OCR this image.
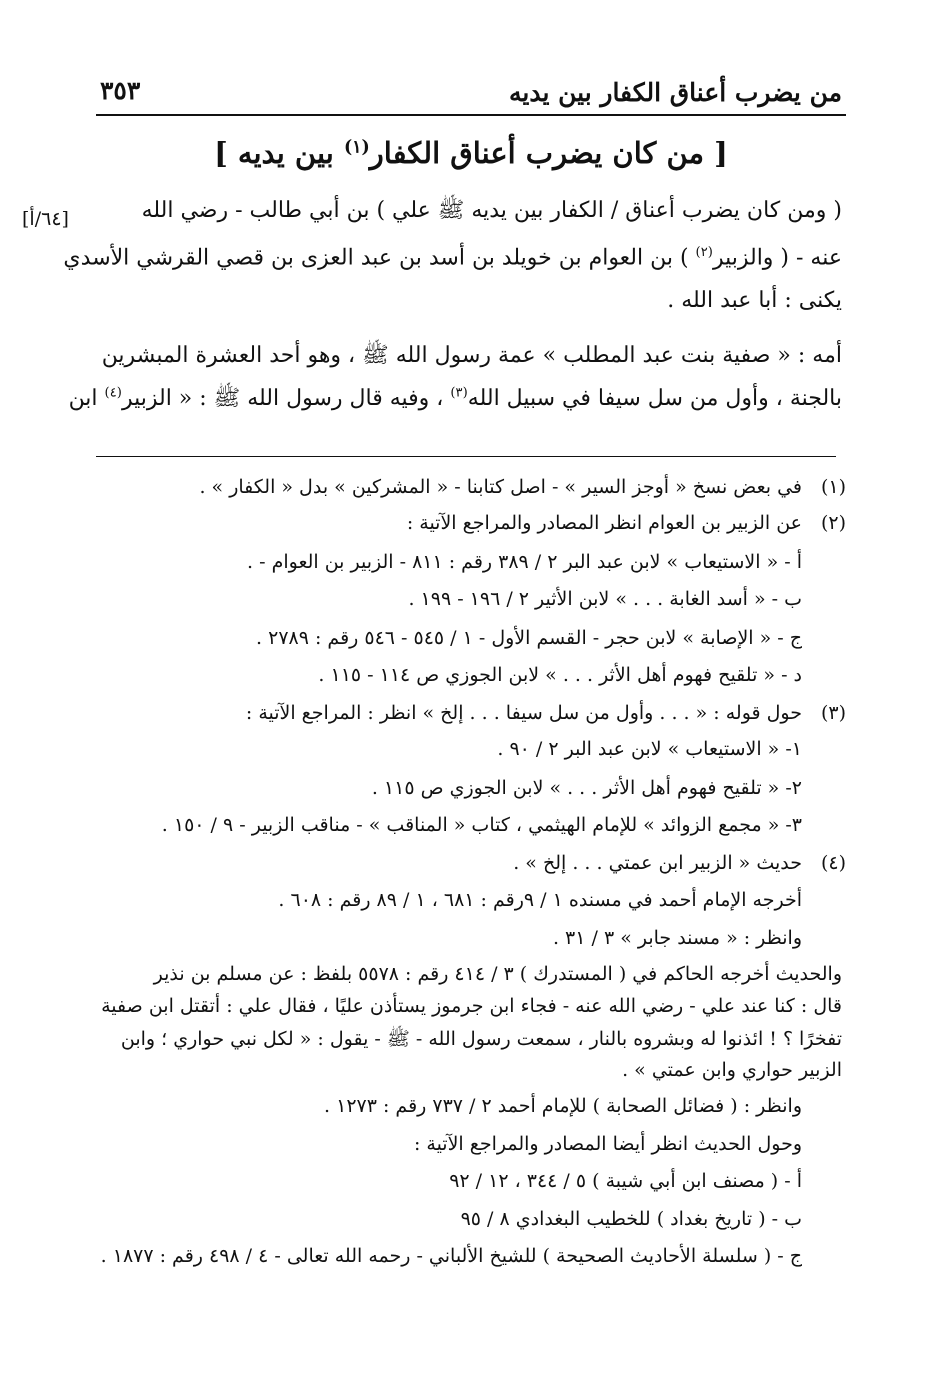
من يضرب أعناق الكفار بين يديه
٣٥٣
[ من كان يضرب أعناق الكفار$^{(١)}$ بين يديه ]
[٦٤/أ]	( ومن كان يضرب أعناق / الكفار بين يديه ﷺ علي ) بن أبي طالب - رضي الله
عنه - ( والزبير$^{(٢)}$ ) بن العوام بن خويلد بن أسد بن عبد العزى بن قصي القرشي الأسدي
يكنى : أبا عبد الله .
أمه : « صفية بنت عبد المطلب » عمة رسول الله ﷺ ، وهو أحد العشرة المبشرين
بالجنة ، وأول من سل سيفا في سبيل الله$^{(٣)}$ ، وفيه قال رسول الله ﷺ : « الزبير$^{(٤)}$ ابن
(١)
في بعض نسخ « أوجز السير » - اصل كتابنا - « المشركين » بدل « الكفار » .
(٢)
عن الزبير بن العوام انظر المصادر والمراجع الآتية :
أ - « الاستيعاب » لابن عبد البر ٢ / ٣٨٩ رقم : ٨١١ - الزبير بن العوام - .
ب - « أسد الغابة . . . » لابن الأثير ٢ / ١٩٦ - ١٩٩ .
ج - « الإصابة » لابن حجر - القسم الأول - ١ / ٥٤٥ - ٥٤٦ رقم : ٢٧٨٩ .
د - « تلقيح فهوم أهل الأثر . . . » لابن الجوزي ص ١١٤ - ١١٥ .
(٣)
حول قوله : « . . . وأول من سل سيفا . . . إلخ » انظر : المراجع الآتية :
١- « الاستيعاب » لابن عبد البر ٢ / ٩٠ .
٢- « تلقيح فهوم أهل الأثر . . . » لابن الجوزي ص ١١٥ .
٣- « مجمع الزوائد » للإمام الهيثمي ، كتاب « المناقب » - مناقب الزبير - ٩ / ١٥٠ .
(٤)
حديث « الزبير ابن عمتي . . . إلخ » .
أخرجه الإمام أحمد في مسنده ١ / ٩رقم : ٦٨١ ، ١ / ٨٩ رقم : ٦٠٨ .
وانظر : « مسند جابر » ٣ / ٣١ .
والحديث أخرجه الحاكم في ( المستدرك ) ٣ / ٤١٤ رقم : ٥٥٧٨ بلفظ : عن مسلم بن نذير
قال : كنا عند علي - رضي الله عنه - فجاء ابن جرموز يستأذن عليًا ، فقال علي : أتقتل ابن صفية
تفخرًا ؟ ! ائذنوا له وبشروه بالنار ، سمعت رسول الله - ﷺ - يقول : « لكل نبي حواري ؛ وابن
الزبير حواري وابن عمتي » .
وانظر : ( فضائل الصحابة ) للإمام أحمد ٢ / ٧٣٧ رقم : ١٢٧٣ .
وحول الحديث انظر أيضا المصادر والمراجع الآتية :
أ - ( مصنف ابن أبي شيبة ) ٥ / ٣٤٤ ، ١٢ / ٩٢
ب - ( تاريخ بغداد ) للخطيب البغدادي ٨ / ٩٥
ج - ( سلسلة الأحاديث الصحيحة ) للشيخ الألباني - رحمه الله تعالى - ٤ / ٤٩٨ رقم : ١٨٧٧ .
